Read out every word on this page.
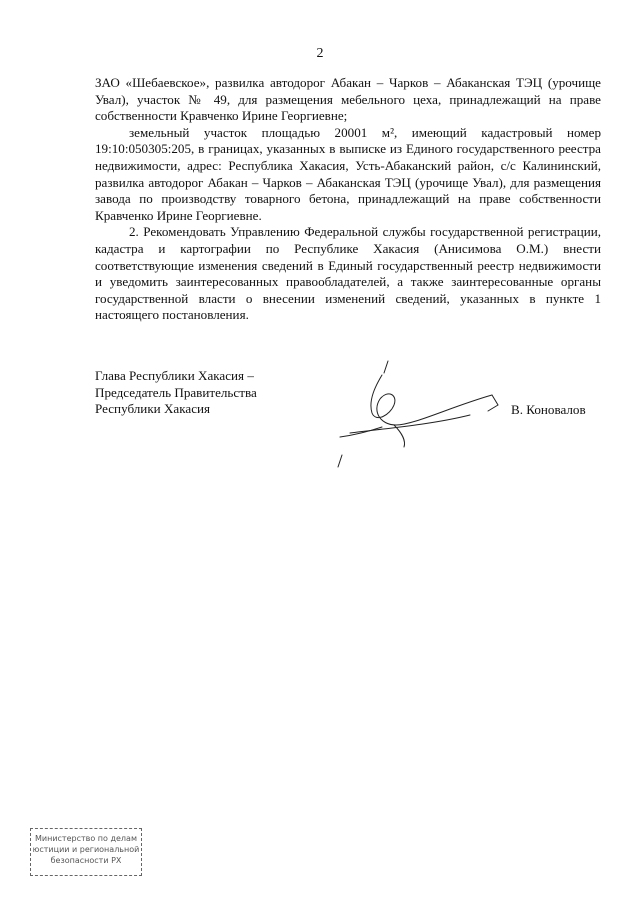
2

ЗАО «Шебаевское», развилка автодорог Абакан – Чарков – Абаканская ТЭЦ (урочище Увал), участок № 49, для размещения мебельного цеха, принадлежащий на праве собственности Кравченко Ирине Георгиевне;

земельный участок площадью 20001 м², имеющий кадастровый номер 19:10:050305:205, в границах, указанных в выписке из Единого государственного реестра недвижимости, адрес: Республика Хакасия, Усть-Абаканский район, с/с Калининский, развилка автодорог Абакан – Чарков – Абаканская ТЭЦ (урочище Увал), для размещения завода по производству товарного бетона, принадлежащий на праве собственности Кравченко Ирине Георгиевне.

2. Рекомендовать Управлению Федеральной службы государственной регистрации, кадастра и картографии по Республике Хакасия (Анисимова О.М.) внести соответствующие изменения сведений в Единый государственный реестр недвижимости и уведомить заинтересованных правообладателей, а также заинтересованные органы государственной власти о внесении изменений сведений, указанных в пункте 1 настоящего постановления.

Глава Республики Хакасия –
Председатель Правительства
Республики Хакасия	В. Коновалов
Министерство по делам
юстиции и региональной
безопасности РХ
